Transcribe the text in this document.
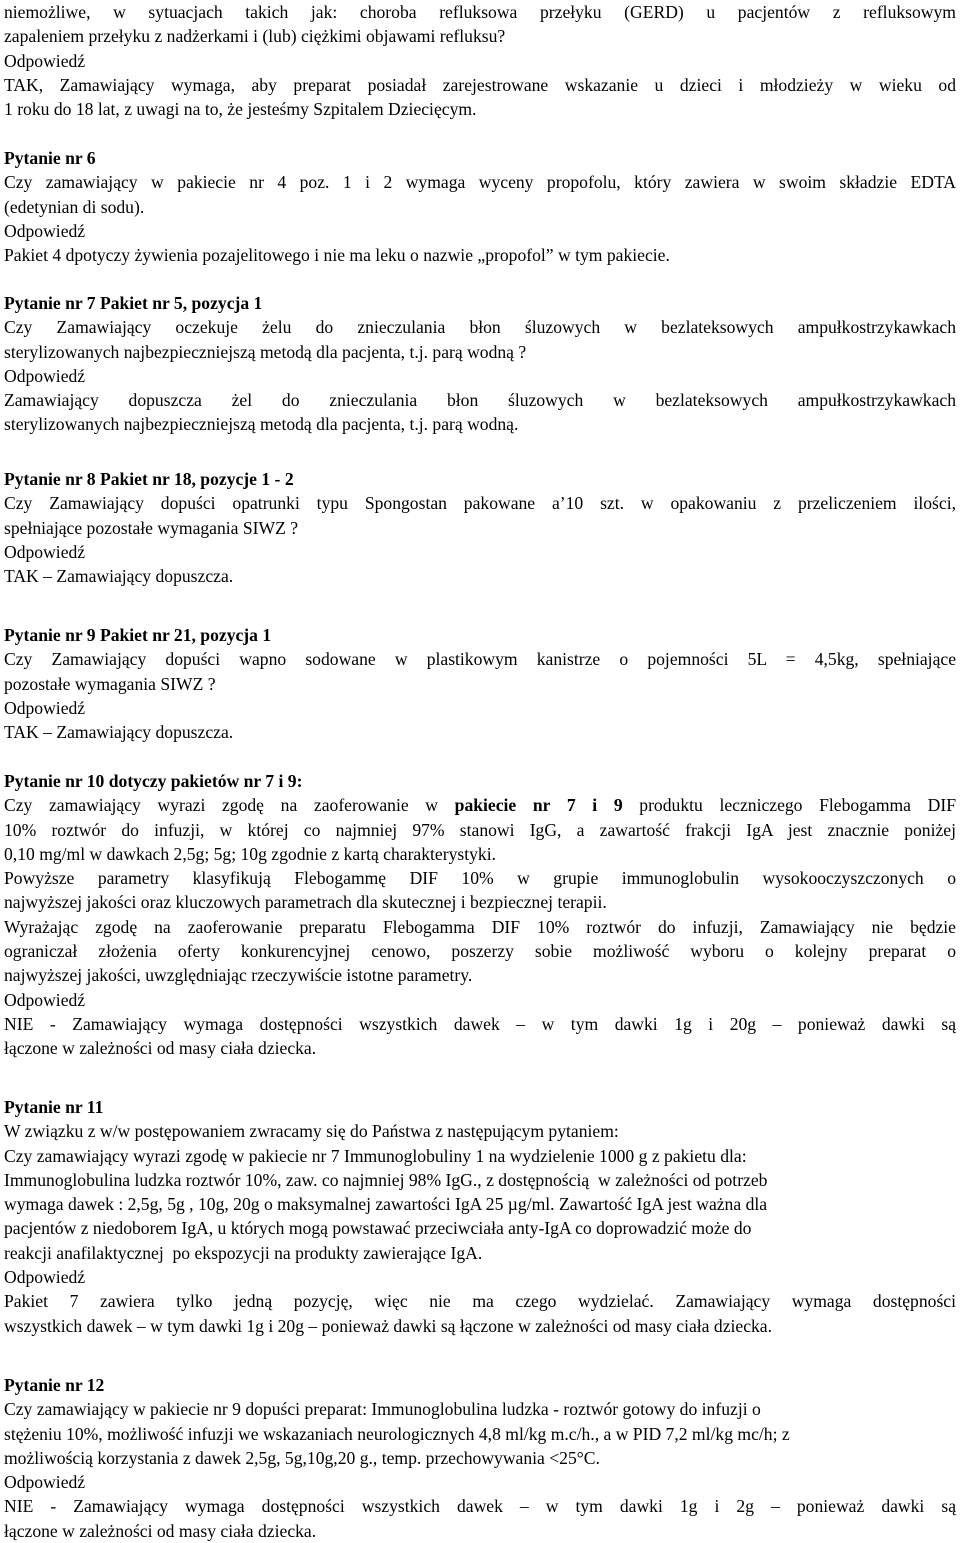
niemożliwe, w sytuacjach takich jak: choroba refluksowa przełyku (GERD) u pacjentów z refluksowym
zapaleniem przełyku z nadżerkami i (lub) ciężkimi objawami refluksu?
Odpowiedź
TAK, Zamawiający wymaga, aby preparat posiadał zarejestrowane wskazanie u dzieci i młodzieży w wieku od
1 roku do 18 lat, z uwagi na to, że jesteśmy Szpitalem Dziecięcym.
Pytanie nr 6
Czy zamawiający w pakiecie nr 4 poz. 1 i 2 wymaga wyceny propofolu, który zawiera w swoim składzie EDTA
(edetynian di sodu).
Odpowiedź
Pakiet 4 dpotyczy żywienia pozajelitowego i nie ma leku o nazwie „propofol” w tym pakiecie.
Pytanie nr 7 Pakiet nr 5, pozycja 1
Czy Zamawiający oczekuje żelu do znieczulania błon śluzowych w bezlateksowych ampułkostrzykawkach
sterylizowanych najbezpieczniejszą metodą dla pacjenta, t.j. parą wodną ?
Odpowiedź
Zamawiający dopuszcza żel do znieczulania błon śluzowych w bezlateksowych ampułkostrzykawkach
sterylizowanych najbezpieczniejszą metodą dla pacjenta, t.j. parą wodną.
Pytanie nr 8 Pakiet nr 18, pozycje 1 - 2
Czy Zamawiający dopuści opatrunki typu Spongostan pakowane a’10 szt. w opakowaniu z przeliczeniem ilości,
spełniające pozostałe wymagania SIWZ ?
Odpowiedź
TAK – Zamawiający dopuszcza.
Pytanie nr 9 Pakiet nr 21, pozycja 1
Czy Zamawiający dopuści wapno sodowane w plastikowym kanistrze o pojemności 5L = 4,5kg, spełniające
pozostałe wymagania SIWZ ?
Odpowiedź
TAK – Zamawiający dopuszcza.
Pytanie nr 10 dotyczy pakietów nr 7 i 9:
Czy zamawiający wyrazi zgodę na zaoferowanie w pakiecie nr 7 i 9 produktu leczniczego Flebogamma DIF
10% roztwór do infuzji, w której co najmniej 97% stanowi IgG, a zawartość frakcji IgA jest znacznie poniżej
0,10 mg/ml w dawkach 2,5g; 5g; 10g zgodnie z kartą charakterystyki.
Powyższe parametry klasyfikują Flebogammę DIF 10% w grupie immunoglobulin wysokooczyszczonych o
najwyższej jakości oraz kluczowych parametrach dla skutecznej i bezpiecznej terapii.
Wyrażając zgodę na zaoferowanie preparatu Flebogamma DIF 10% roztwór do infuzji, Zamawiający nie będzie
ograniczał złożenia oferty konkurencyjnej cenowo, poszerzy sobie możliwość wyboru o kolejny preparat o
najwyższej jakości, uwzględniając rzeczywiście istotne parametry.
Odpowiedź
NIE - Zamawiający wymaga dostępności wszystkich dawek – w tym dawki 1g i 20g – ponieważ dawki są
łączone w zależności od masy ciała dziecka.
Pytanie nr 11
W związku z w/w postępowaniem zwracamy się do Państwa z następującym pytaniem:
Czy zamawiający wyrazi zgodę w pakiecie nr 7 Immunoglobuliny 1 na wydzielenie 1000 g z pakietu dla:
Immunoglobulina ludzka roztwór 10%, zaw. co najmniej 98% IgG., z dostępnością  w zależności od potrzeb
wymaga dawek : 2,5g, 5g , 10g, 20g o maksymalnej zawartości IgA 25 µg/ml. Zawartość IgA jest ważna dla
pacjentów z niedoborem IgA, u których mogą powstawać przeciwciała anty-IgA co doprowadzić może do
reakcji anafilaktycznej  po ekspozycji na produkty zawierające IgA.
Odpowiedź
Pakiet 7 zawiera tylko jedną pozycję, więc nie ma czego wydzielać. Zamawiający wymaga dostępności
wszystkich dawek – w tym dawki 1g i 20g – ponieważ dawki są łączone w zależności od masy ciała dziecka.
Pytanie nr 12
Czy zamawiający w pakiecie nr 9 dopuści preparat: Immunoglobulina ludzka - roztwór gotowy do infuzji o
stężeniu 10%, możliwość infuzji we wskazaniach neurologicznych 4,8 ml/kg m.c/h., a w PID 7,2 ml/kg mc/h; z
możliwością korzystania z dawek 2,5g, 5g,10g,20 g., temp. przechowywania <25°C.
Odpowiedź
NIE - Zamawiający wymaga dostępności wszystkich dawek – w tym dawki 1g i 2g – ponieważ dawki są
łączone w zależności od masy ciała dziecka.
